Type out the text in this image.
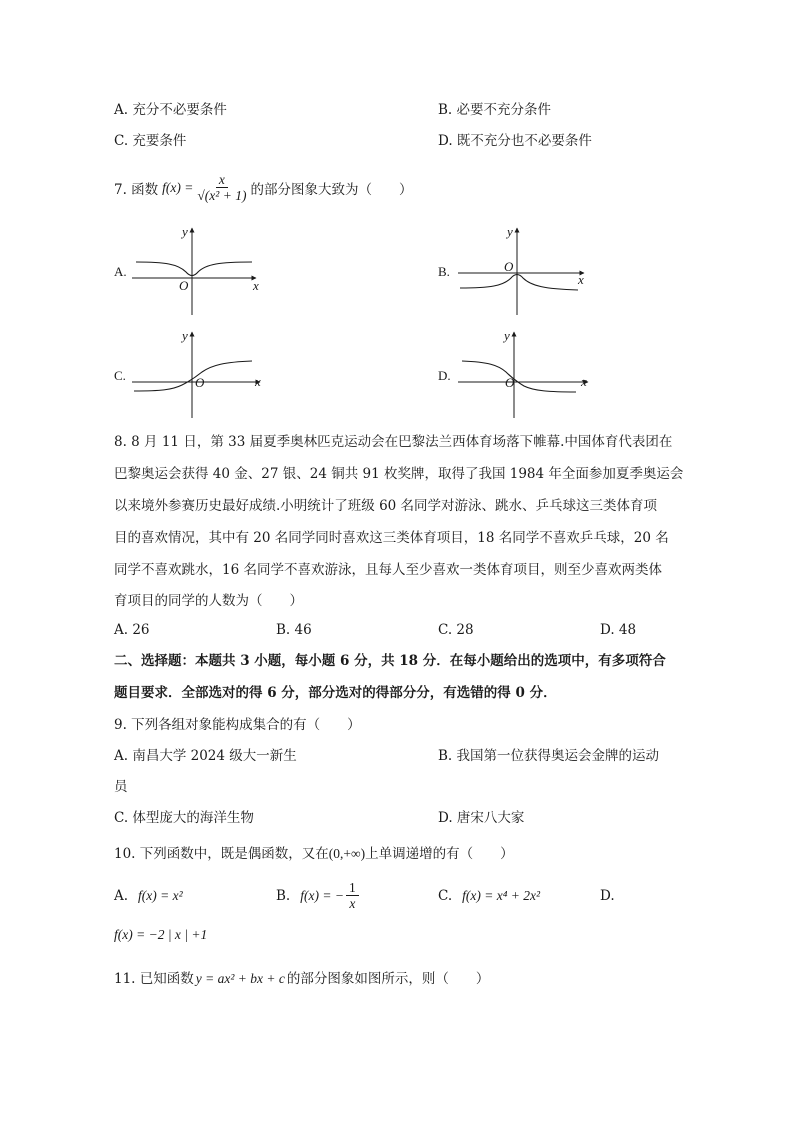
A. 充分不必要条件	B. 必要不充分条件
C. 充要条件	D. 既不充分也不必要条件
7. 函数 $f(x) = \frac{x}{\text{√(x² + 1)}}$ 的部分图象大致为（　　）
A.
y
x
O
B.
y
x
O
C.
y
x
O	D.
y
x
O
8. 8 月 11 日，第 33 届夏季奥林匹克运动会在巴黎法兰西体育场落下帷幕.中国体育代表团在
巴黎奥运会获得 40 金、27 银、24 铜共 91 枚奖牌，取得了我国 1984 年全面参加夏季奥运会
以来境外参赛历史最好成绩.小明统计了班级 60 名同学对游泳、跳水、乒乓球这三类体育项
目的喜欢情况，其中有 20 名同学同时喜欢这三类体育项目，18 名同学不喜欢乒乓球，20 名
同学不喜欢跳水，16 名同学不喜欢游泳，且每人至少喜欢一类体育项目，则至少喜欢两类体
育项目的同学的人数为（　　）
A. 26	B. 46	C. 28	D. 48
二、选择题：本题共 3 小题，每小题 6 分，共 18 分．在每小题给出的选项中，有多项符合
题目要求．全部选对的得 6 分，部分选对的得部分分，有选错的得 0 分．
9. 下列各组对象能构成集合的有（　　）
A. 南昌大学 2024 级大一新生	B. 我国第一位获得奥运会金牌的运动
员
C. 体型庞大的海洋生物	D. 唐宋八大家
10. 下列函数中，既是偶函数，又在(0,+∞)上单调递增的有（　　）
A. f(x) = x²	B. f(x) = − $\frac{1}{x}$	C. f(x) = x⁴ + 2x²	D.
f(x) = −2 | x | +1
11. 已知函数 y = ax² + bx + c 的部分图象如图所示，则（　　）
